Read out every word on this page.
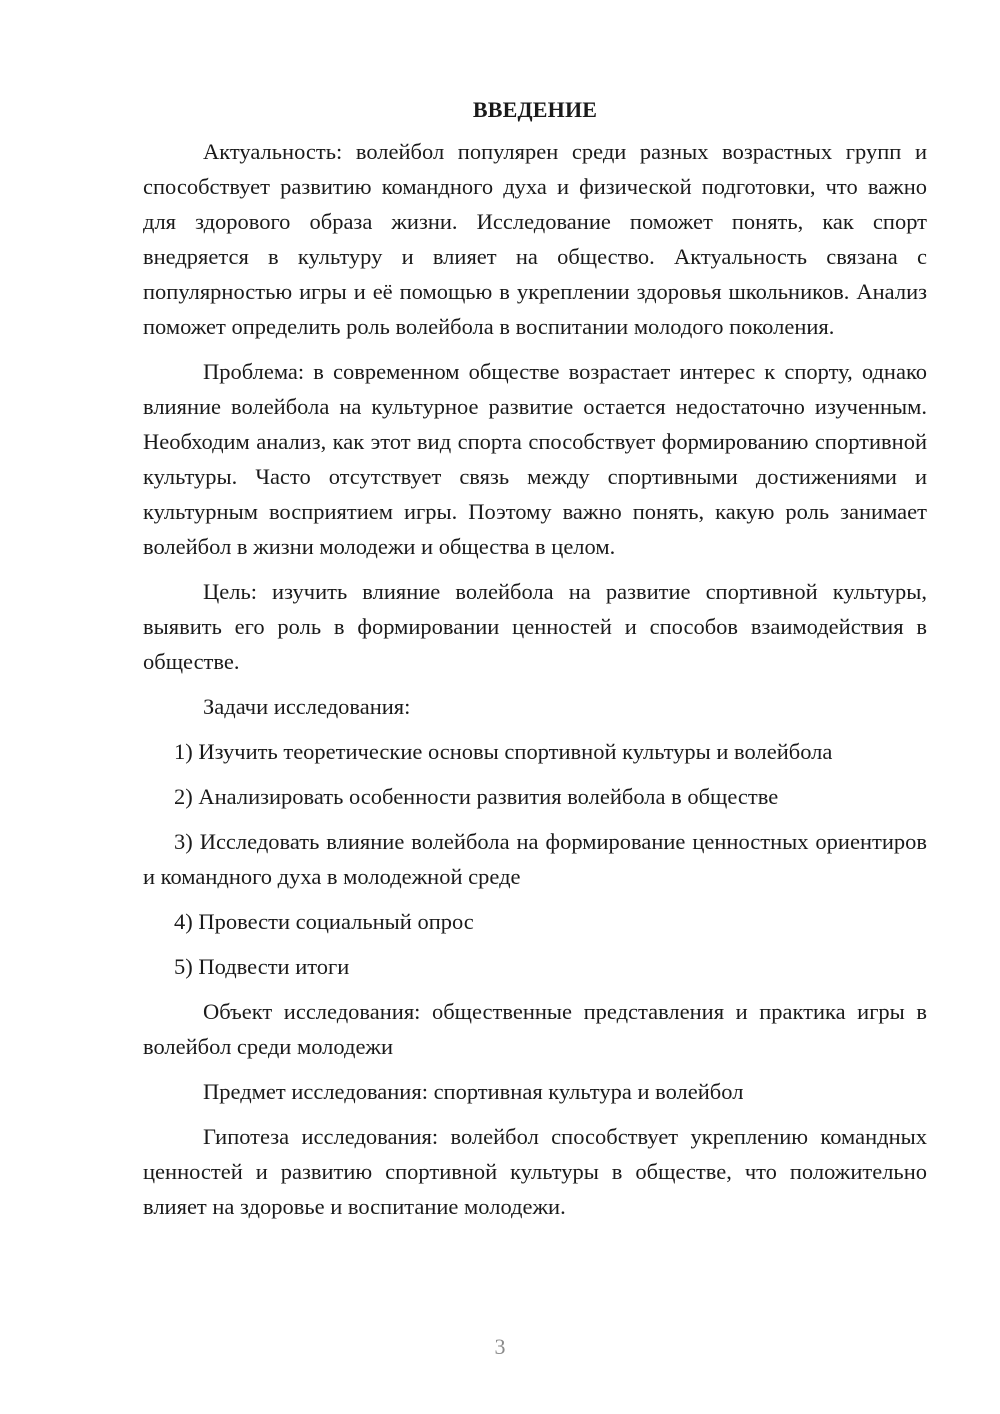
ВВЕДЕНИЕ

Актуальность: волейбол популярен среди разных возрастных групп и способствует развитию командного духа и физической подготовки, что важно для здорового образа жизни. Исследование поможет понять, как спорт внедряется в культуру и влияет на общество. Актуальность связана с популярностью игры и её помощью в укреплении здоровья школьников. Анализ поможет определить роль волейбола в воспитании молодого поколения.

Проблема: в современном обществе возрастает интерес к спорту, однако влияние волейбола на культурное развитие остается недостаточно изученным. Необходим анализ, как этот вид спорта способствует формированию спортивной культуры. Часто отсутствует связь между спортивными достижениями и культурным восприятием игры. Поэтому важно понять, какую роль занимает волейбол в жизни молодежи и общества в целом.

Цель: изучить влияние волейбола на развитие спортивной культуры, выявить его роль в формировании ценностей и способов взаимодействия в обществе.

Задачи исследования:

1) Изучить теоретические основы спортивной культуры и волейбола

2) Анализировать особенности развития волейбола в обществе

3) Исследовать влияние волейбола на формирование ценностных ориентиров и командного духа в молодежной среде

4) Провести социальный опрос

5) Подвести итоги

Объект исследования: общественные представления и практика игры в волейбол среди молодежи

Предмет исследования: спортивная культура и волейбол

Гипотеза исследования: волейбол способствует укреплению командных ценностей и развитию спортивной культуры в обществе, что положительно влияет на здоровье и воспитание молодежи.

3
